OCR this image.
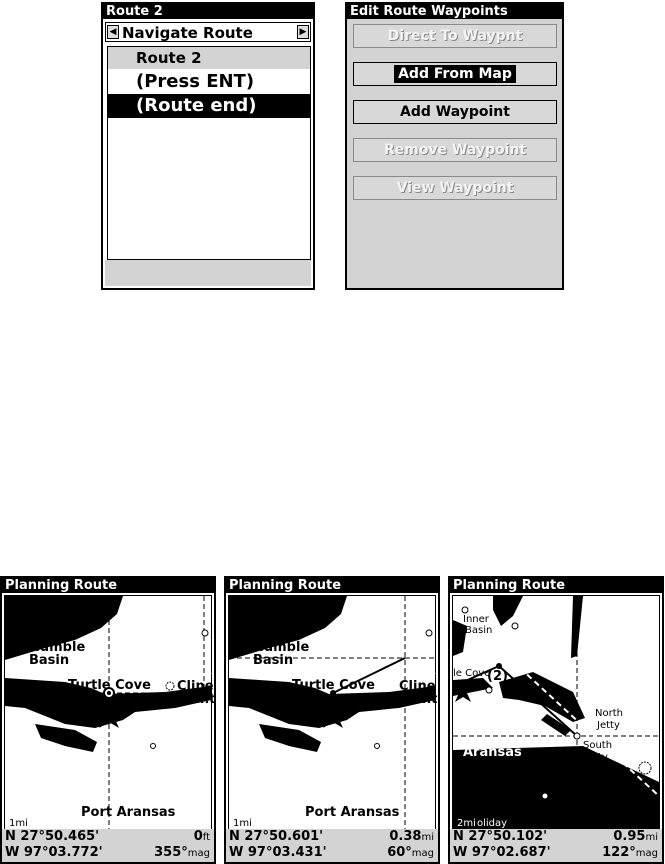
Route 2
◀ Navigate Route	▶
Route 2
(Press ENT)
(Route end)
Edit Route Waypoints
Direct To Waypnt
Add From Map
Add Waypoint
Remove Waypoint
View Waypoint
Planning Route
Humble
Basin
Turtle Cove Cline
Point
(1)
Port Aransas
1mi
N 27°50.465'	0ft
W 97°03.772'	355°mag
Planning Route
Humble
Basin
Turtle Cove Cline
Point
(1)
Port Aransas
1mi
N 27°50.601'	0.38mi
W 97°03.431'	60°mag
Planning Route
Inner
Basin
le Cove
(2)
North
Jetty
South
Jetty
Aransas
2mi oliday
N 27°50.102'	0.95mi
W 97°02.687'	122°mag
